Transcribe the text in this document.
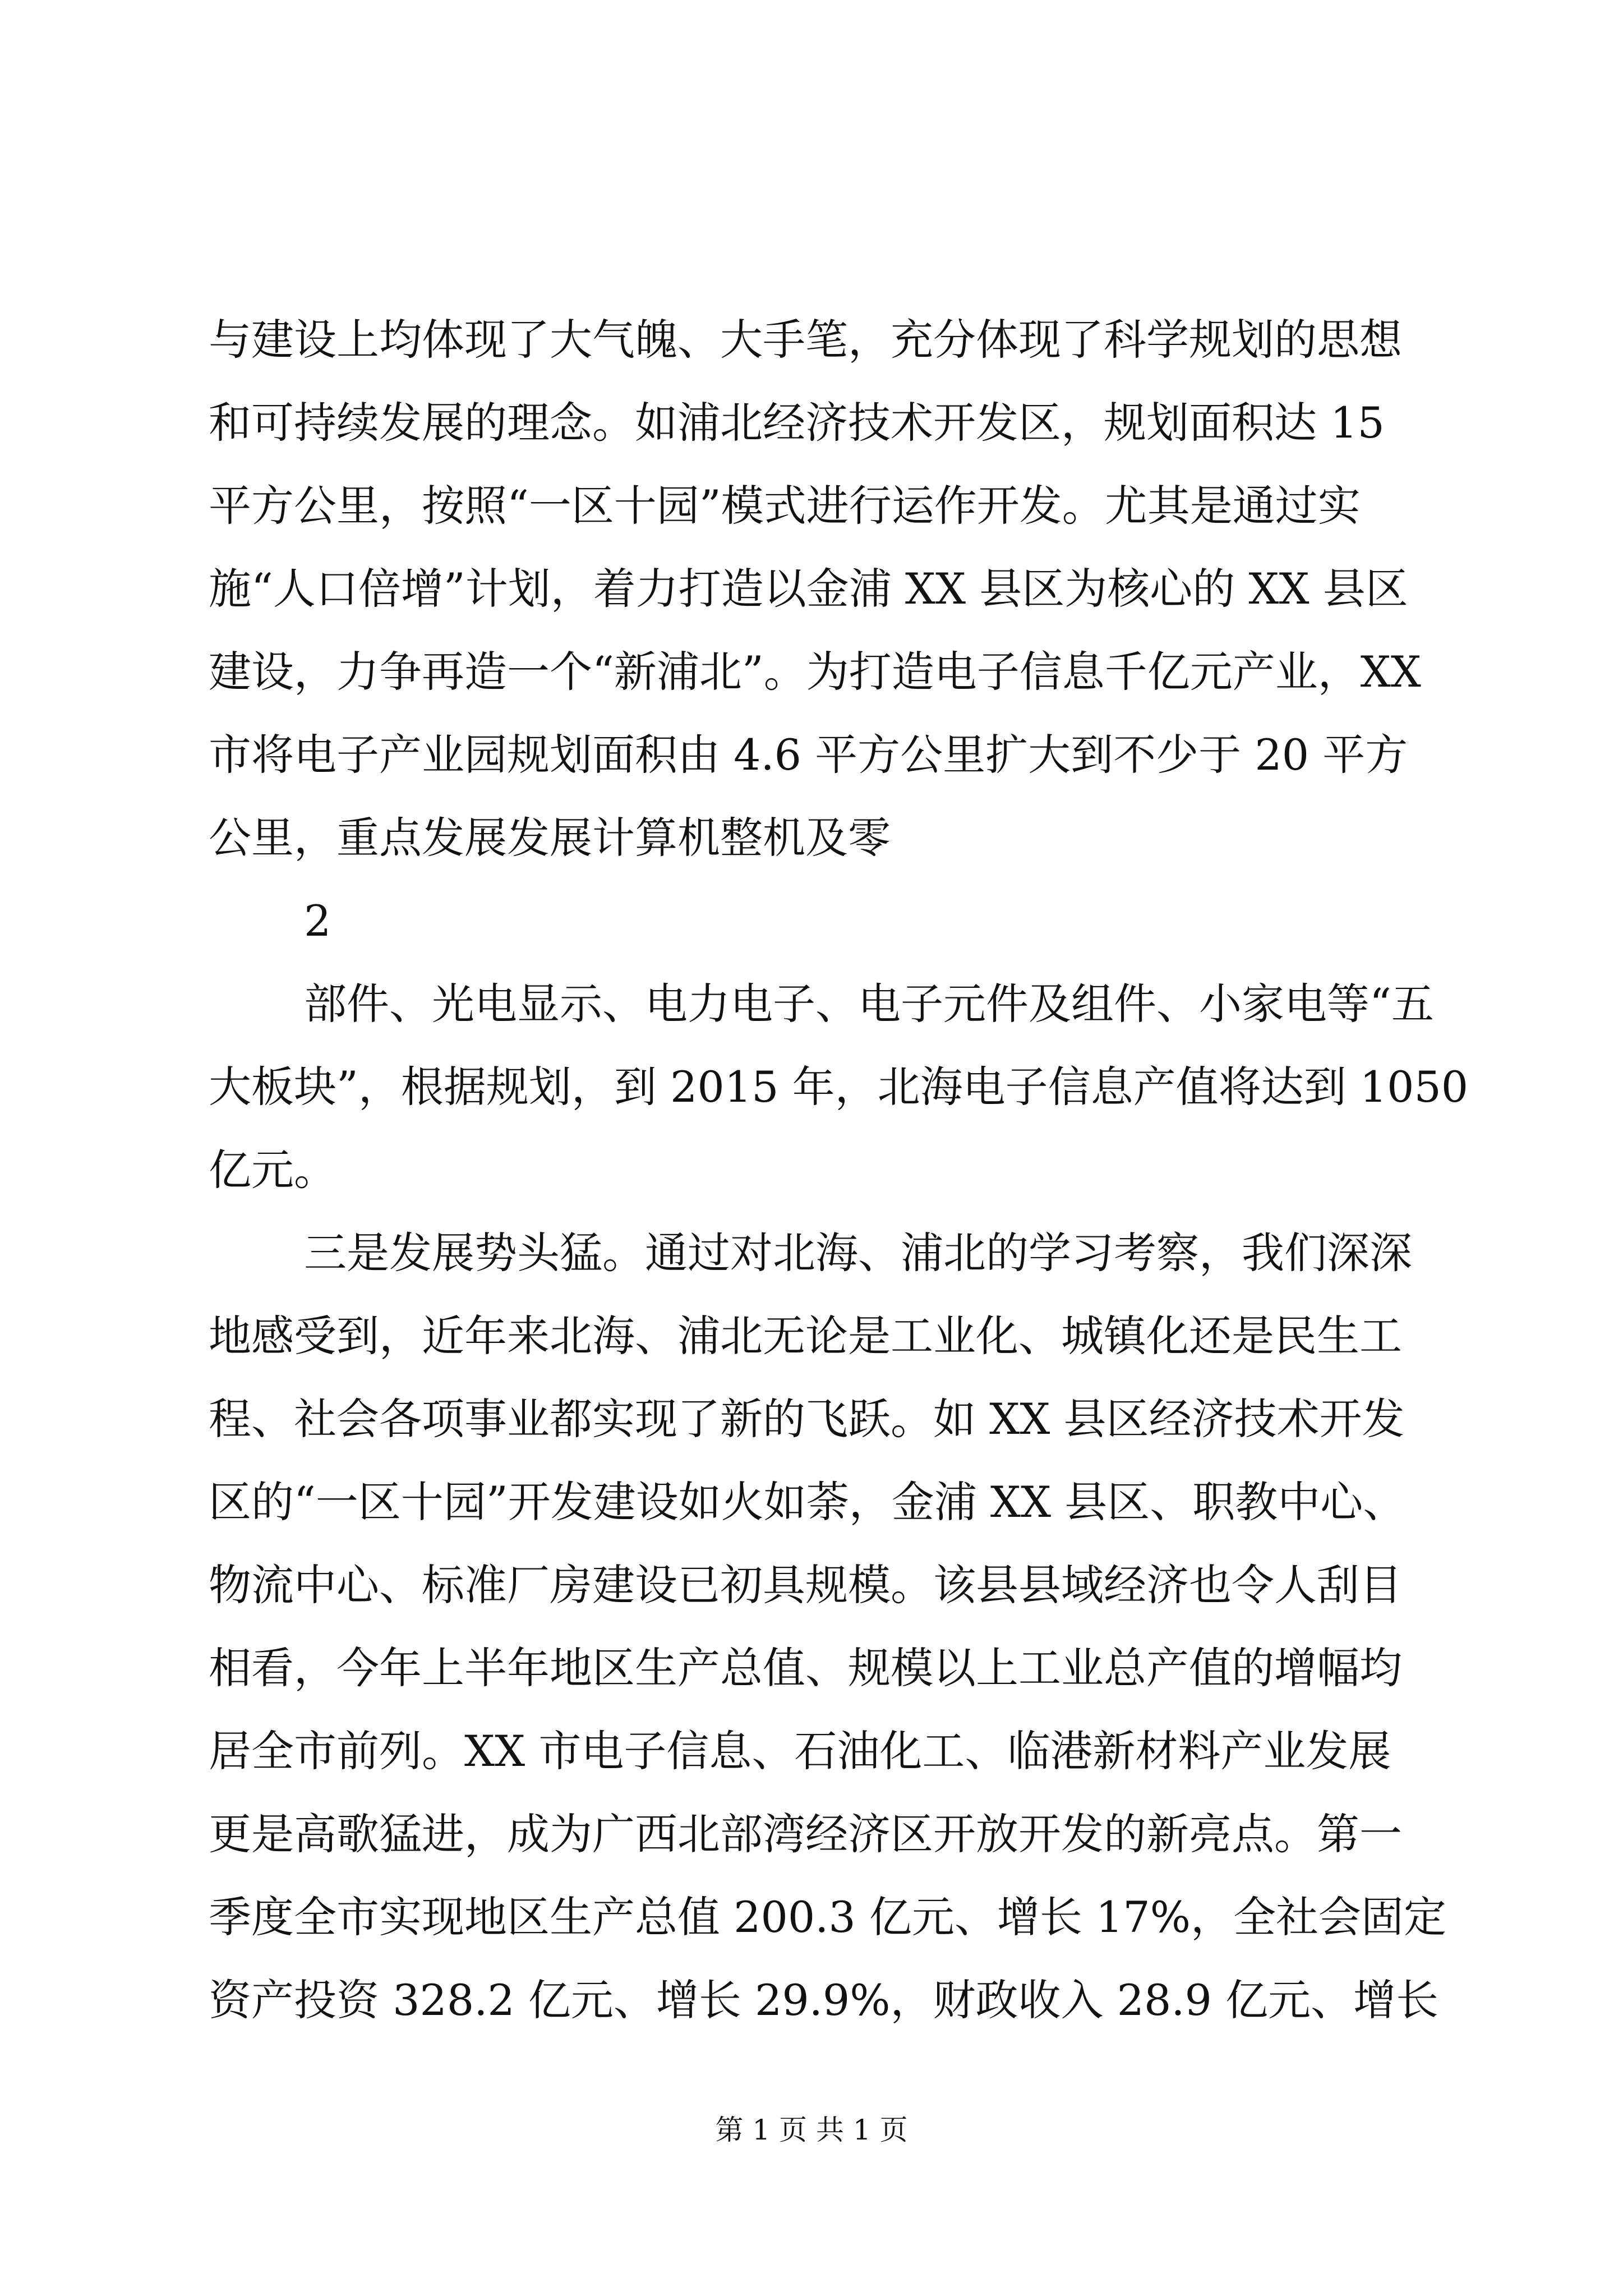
与建设上均体现了大气魄、大手笔，充分体现了科学规划的思想
和可持续发展的理念。如浦北经济技术开发区，规划面积达 15
平方公里，按照“一区十园”模式进行运作开发。尤其是通过实
施“人口倍增”计划，着力打造以金浦 XX 县区为核心的 XX 县区
建设，力争再造一个“新浦北”。为打造电子信息千亿元产业，XX
市将电子产业园规划面积由 4.6 平方公里扩大到不少于 20 平方
公里，重点发展发展计算机整机及零
2
部件、光电显示、电力电子、电子元件及组件、小家电等“五
大板块”，根据规划，到 2015 年，北海电子信息产值将达到 1050
亿元。
三是发展势头猛。通过对北海、浦北的学习考察，我们深深
地感受到，近年来北海、浦北无论是工业化、城镇化还是民生工
程、社会各项事业都实现了新的飞跃。如 XX 县区经济技术开发
区的“一区十园”开发建设如火如荼，金浦 XX 县区、职教中心、
物流中心、标准厂房建设已初具规模。该县县域经济也令人刮目
相看，今年上半年地区生产总值、规模以上工业总产值的增幅均
居全市前列。XX 市电子信息、石油化工、临港新材料产业发展
更是高歌猛进，成为广西北部湾经济区开放开发的新亮点。第一
季度全市实现地区生产总值 200.3 亿元、增长 17%，全社会固定
资产投资 328.2 亿元、增长 29.9%，财政收入 28.9 亿元、增长
第 1 页 共 1 页
